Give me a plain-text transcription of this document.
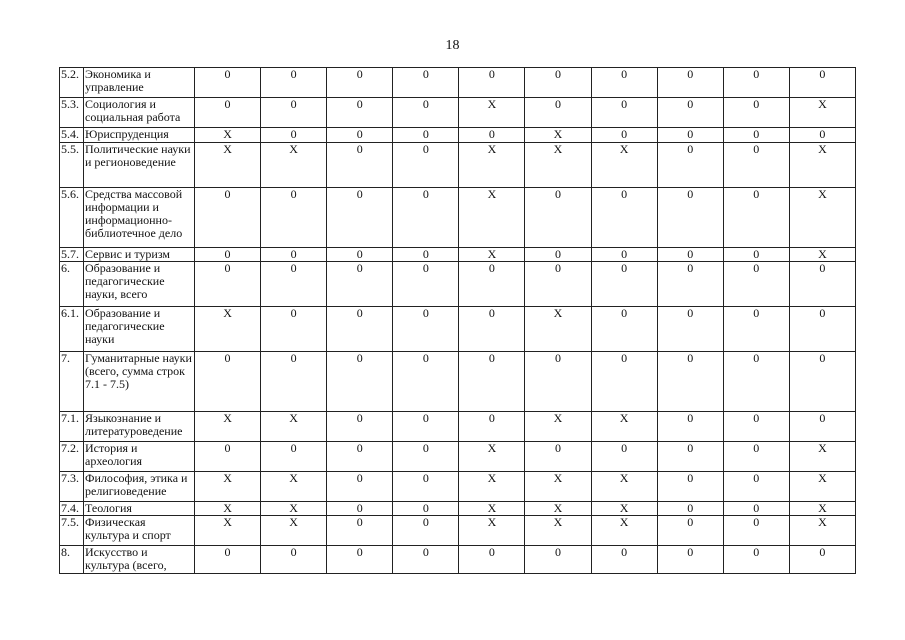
18
5.2.	Экономика и управление	0	0	0	0	0	0	0	0	0	0
5.3.	Социология и социальная работа	0	0	0	0	X	0	0	0	0	X
5.4.	Юриспруденция	X	0	0	0	0	X	0	0	0	0
5.5.	Политические науки и регионоведение	X	X	0	0	X	X	X	0	0	X
5.6.	Средства массовой информации и информационно-библиотечное дело	0	0	0	0	X	0	0	0	0	X
5.7.	Сервис и туризм	0	0	0	0	X	0	0	0	0	X
6.	Образование и педагогические науки, всего	0	0	0	0	0	0	0	0	0	0
6.1.	Образование и педагогические науки	X	0	0	0	0	X	0	0	0	0
7.	Гуманитарные науки (всего, сумма строк 7.1 - 7.5)	0	0	0	0	0	0	0	0	0	0
7.1.	Языкознание и литературоведение	X	X	0	0	0	X	X	0	0	0
7.2.	История и археология	0	0	0	0	X	0	0	0	0	X
7.3.	Философия, этика и религиоведение	X	X	0	0	X	X	X	0	0	X
7.4.	Теология	X	X	0	0	X	X	X	0	0	X
7.5.	Физическая культура и спорт	X	X	0	0	X	X	X	0	0	X
8.	Искусство и культура (всего,	0	0	0	0	0	0	0	0	0	0
